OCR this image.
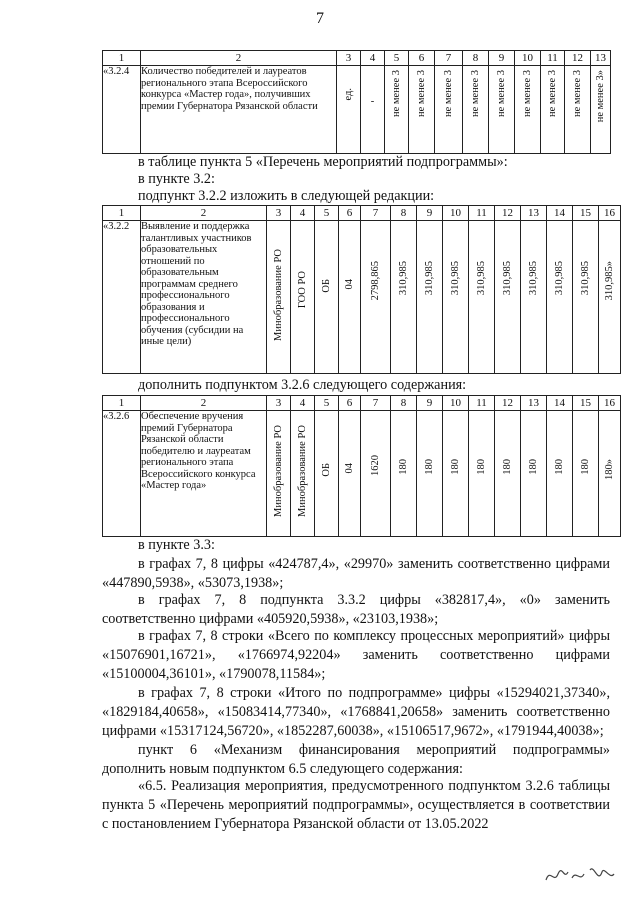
7
1	2	3	4	5	6	7	8	9	10	11	12	13
«3.2.4	Количество победителей и лауреатов регионального этапа Всероссийского конкурса «Мастер года», получивших премии Губернатора Рязанской области	ед.	-	не менее 3	не менее 3	не менее 3	не менее 3	не менее 3	не менее 3	не менее 3	не менее 3	не менее 3»

в таблице пункта 5 «Перечень мероприятий подпрограммы»:

в пункте 3.2:

подпункт 3.2.2 изложить в следующей редакции:

1	2	3	4	5	6	7	8	9	10	11	12	13	14	15	16
«3.2.2	Выявление и поддержка талантливых участников образовательных отношений по образовательным программам среднего профессионального образования и профессионального обучения (субсидии на иные цели)	Минобразование РО	ГОО РО	ОБ	04	2798,865	310,985	310,985	310,985	310,985	310,985	310,985	310,985	310,985	310,985»

дополнить подпунктом 3.2.6 следующего содержания:

1	2	3	4	5	6	7	8	9	10	11	12	13	14	15	16
«3.2.6	Обеспечение вручения премий Губернатора Рязанской области победителю и лауреатам регионального этапа Всероссийского конкурса «Мастер года»	Минобразование РО	Минобразование РО	ОБ	04	1620	180	180	180	180	180	180	180	180	180»

в пункте 3.3:

в графах 7, 8 цифры «424787,4», «29970» заменить соответственно цифрами «447890,5938», «53073,1938»;

в графах 7, 8 подпункта 3.3.2 цифры «382817,4», «0» заменить соответственно цифрами «405920,5938», «23103,1938»;

в графах 7, 8 строки «Всего по комплексу процессных мероприятий» цифры «15076901,16721», «1766974,92204» заменить соответственно цифрами «15100004,36101», «1790078,11584»;

в графах 7, 8 строки «Итого по подпрограмме» цифры «15294021,37340», «1829184,40658», «15083414,77340», «1768841,20658» заменить соответственно цифрами «15317124,56720», «1852287,60038», «15106517,9672», «1791944,40038»;

пункт 6 «Механизм финансирования мероприятий подпрограммы» дополнить новым подпунктом 6.5 следующего содержания:

«6.5. Реализация мероприятия, предусмотренного подпунктом 3.2.6 таблицы пункта 5 «Перечень мероприятий подпрограммы», осуществляется в соответствии с постановлением Губернатора Рязанской области от 13.05.2022
